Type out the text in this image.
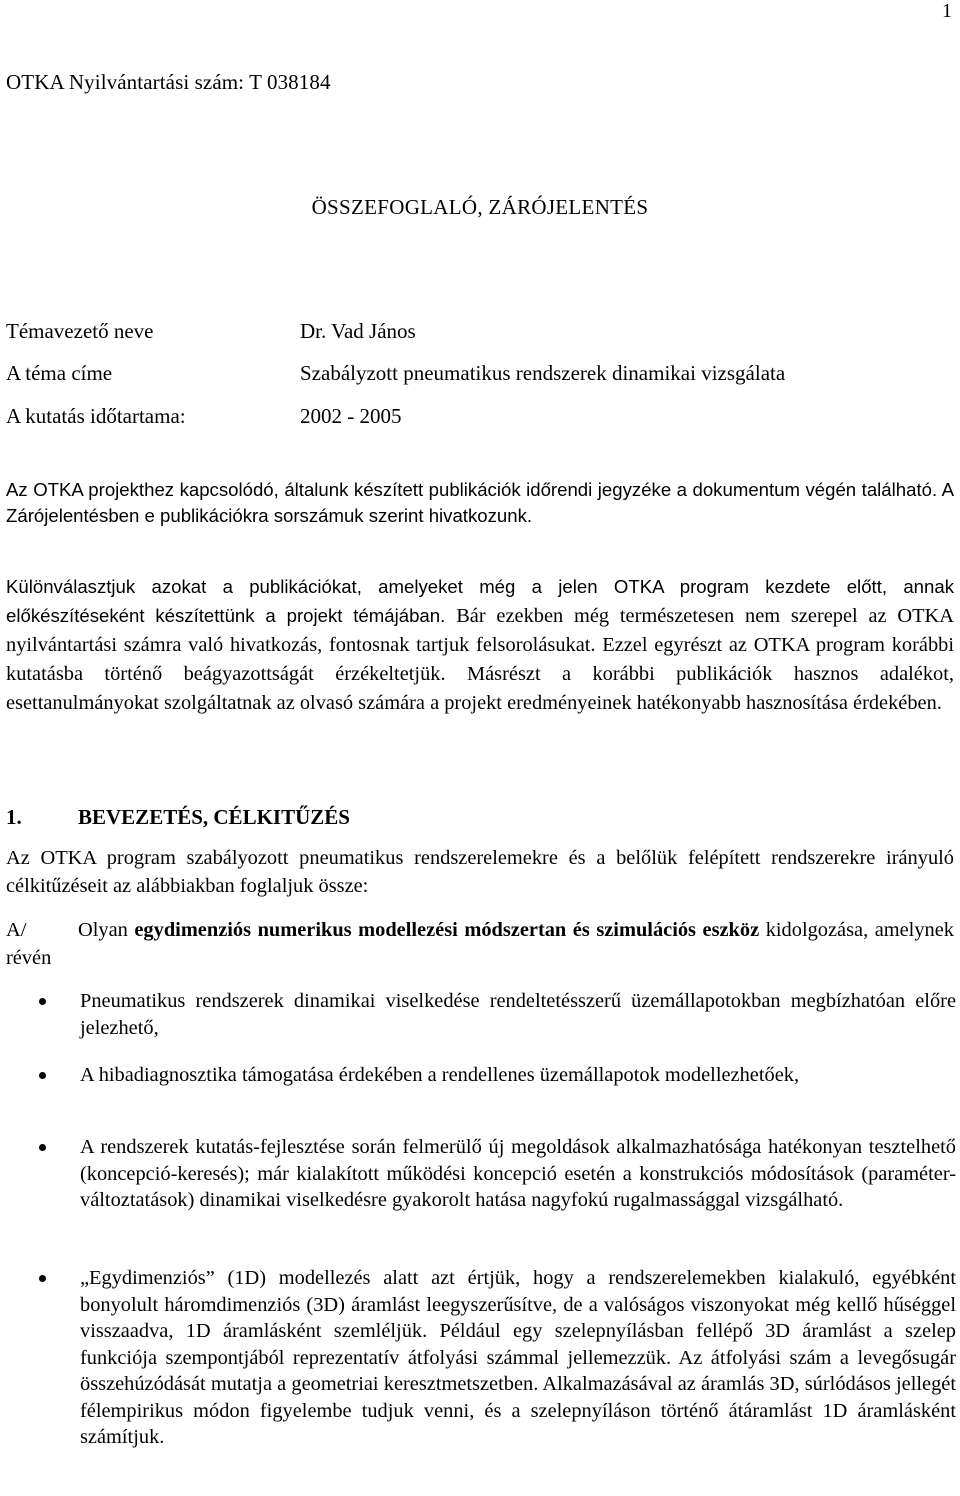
1
OTKA Nyilvántartási szám: T 038184
ÖSSZEFOGLALÓ, ZÁRÓJELENTÉS
Témavezető neve	Dr. Vad János
A téma címe	Szabályzott pneumatikus rendszerek dinamikai vizsgálata
A kutatás időtartama:	2002 - 2005
Az OTKA projekthez kapcsolódó, általunk készített publikációk időrendi jegyzéke a dokumentum végén található. A Zárójelentésben e publikációkra sorszámuk szerint hivatkozunk.
Különválasztjuk azokat a publikációkat, amelyeket még a jelen OTKA program kezdete előtt, annak előkészítéseként készítettünk a projekt témájában. Bár ezekben még természetesen nem szerepel az OTKA nyilvántartási számra való hivatkozás, fontosnak tartjuk felsorolásukat. Ezzel egyrészt az OTKA program korábbi kutatásba történő beágyazottságát érzékeltetjük. Másrészt a korábbi publikációk hasznos adalékot, esettanulmányokat szolgáltatnak az olvasó számára a projekt eredményeinek hatékonyabb hasznosítása érdekében.
1.	BEVEZETÉS, CÉLKITŰZÉS
Az OTKA program szabályozott pneumatikus rendszerelemekre és a belőlük felépített rendszerekre irányuló célkitűzéseit az alábbiakban foglaljuk össze:
A/	Olyan egydimenziós numerikus modellezési módszertan és szimulációs eszköz kidolgozása, amelynek révén
Pneumatikus rendszerek dinamikai viselkedése rendeltetésszerű üzemállapotokban megbízhatóan előre jelezhető,
A hibadiagnosztika támogatása érdekében a rendellenes üzemállapotok modellezhetőek,
A rendszerek kutatás-fejlesztése során felmerülő új megoldások alkalmazhatósága hatékonyan tesztelhető (koncepció-keresés); már kialakított működési koncepció esetén a konstrukciós módosítások (paraméter-változtatások) dinamikai viselkedésre gyakorolt hatása nagyfokú rugalmassággal vizsgálható.
„Egydimenziós” (1D) modellezés alatt azt értjük, hogy a rendszerelemekben kialakuló, egyébként bonyolult háromdimenziós (3D) áramlást leegyszerűsítve, de a valóságos viszonyokat még kellő hűséggel visszaadva, 1D áramlásként szemléljük. Például egy szelepnyílásban fellépő 3D áramlást a szelep funkciója szempontjából reprezentatív átfolyási számmal jellemezzük. Az átfolyási szám a levegősugár összehúzódását mutatja a geometriai keresztmetszetben. Alkalmazásával az áramlás 3D, súrlódásos jellegét félempirikus módon figyelembe tudjuk venni, és a szelepnyíláson történő átáramlást 1D áramlásként számítjuk.
